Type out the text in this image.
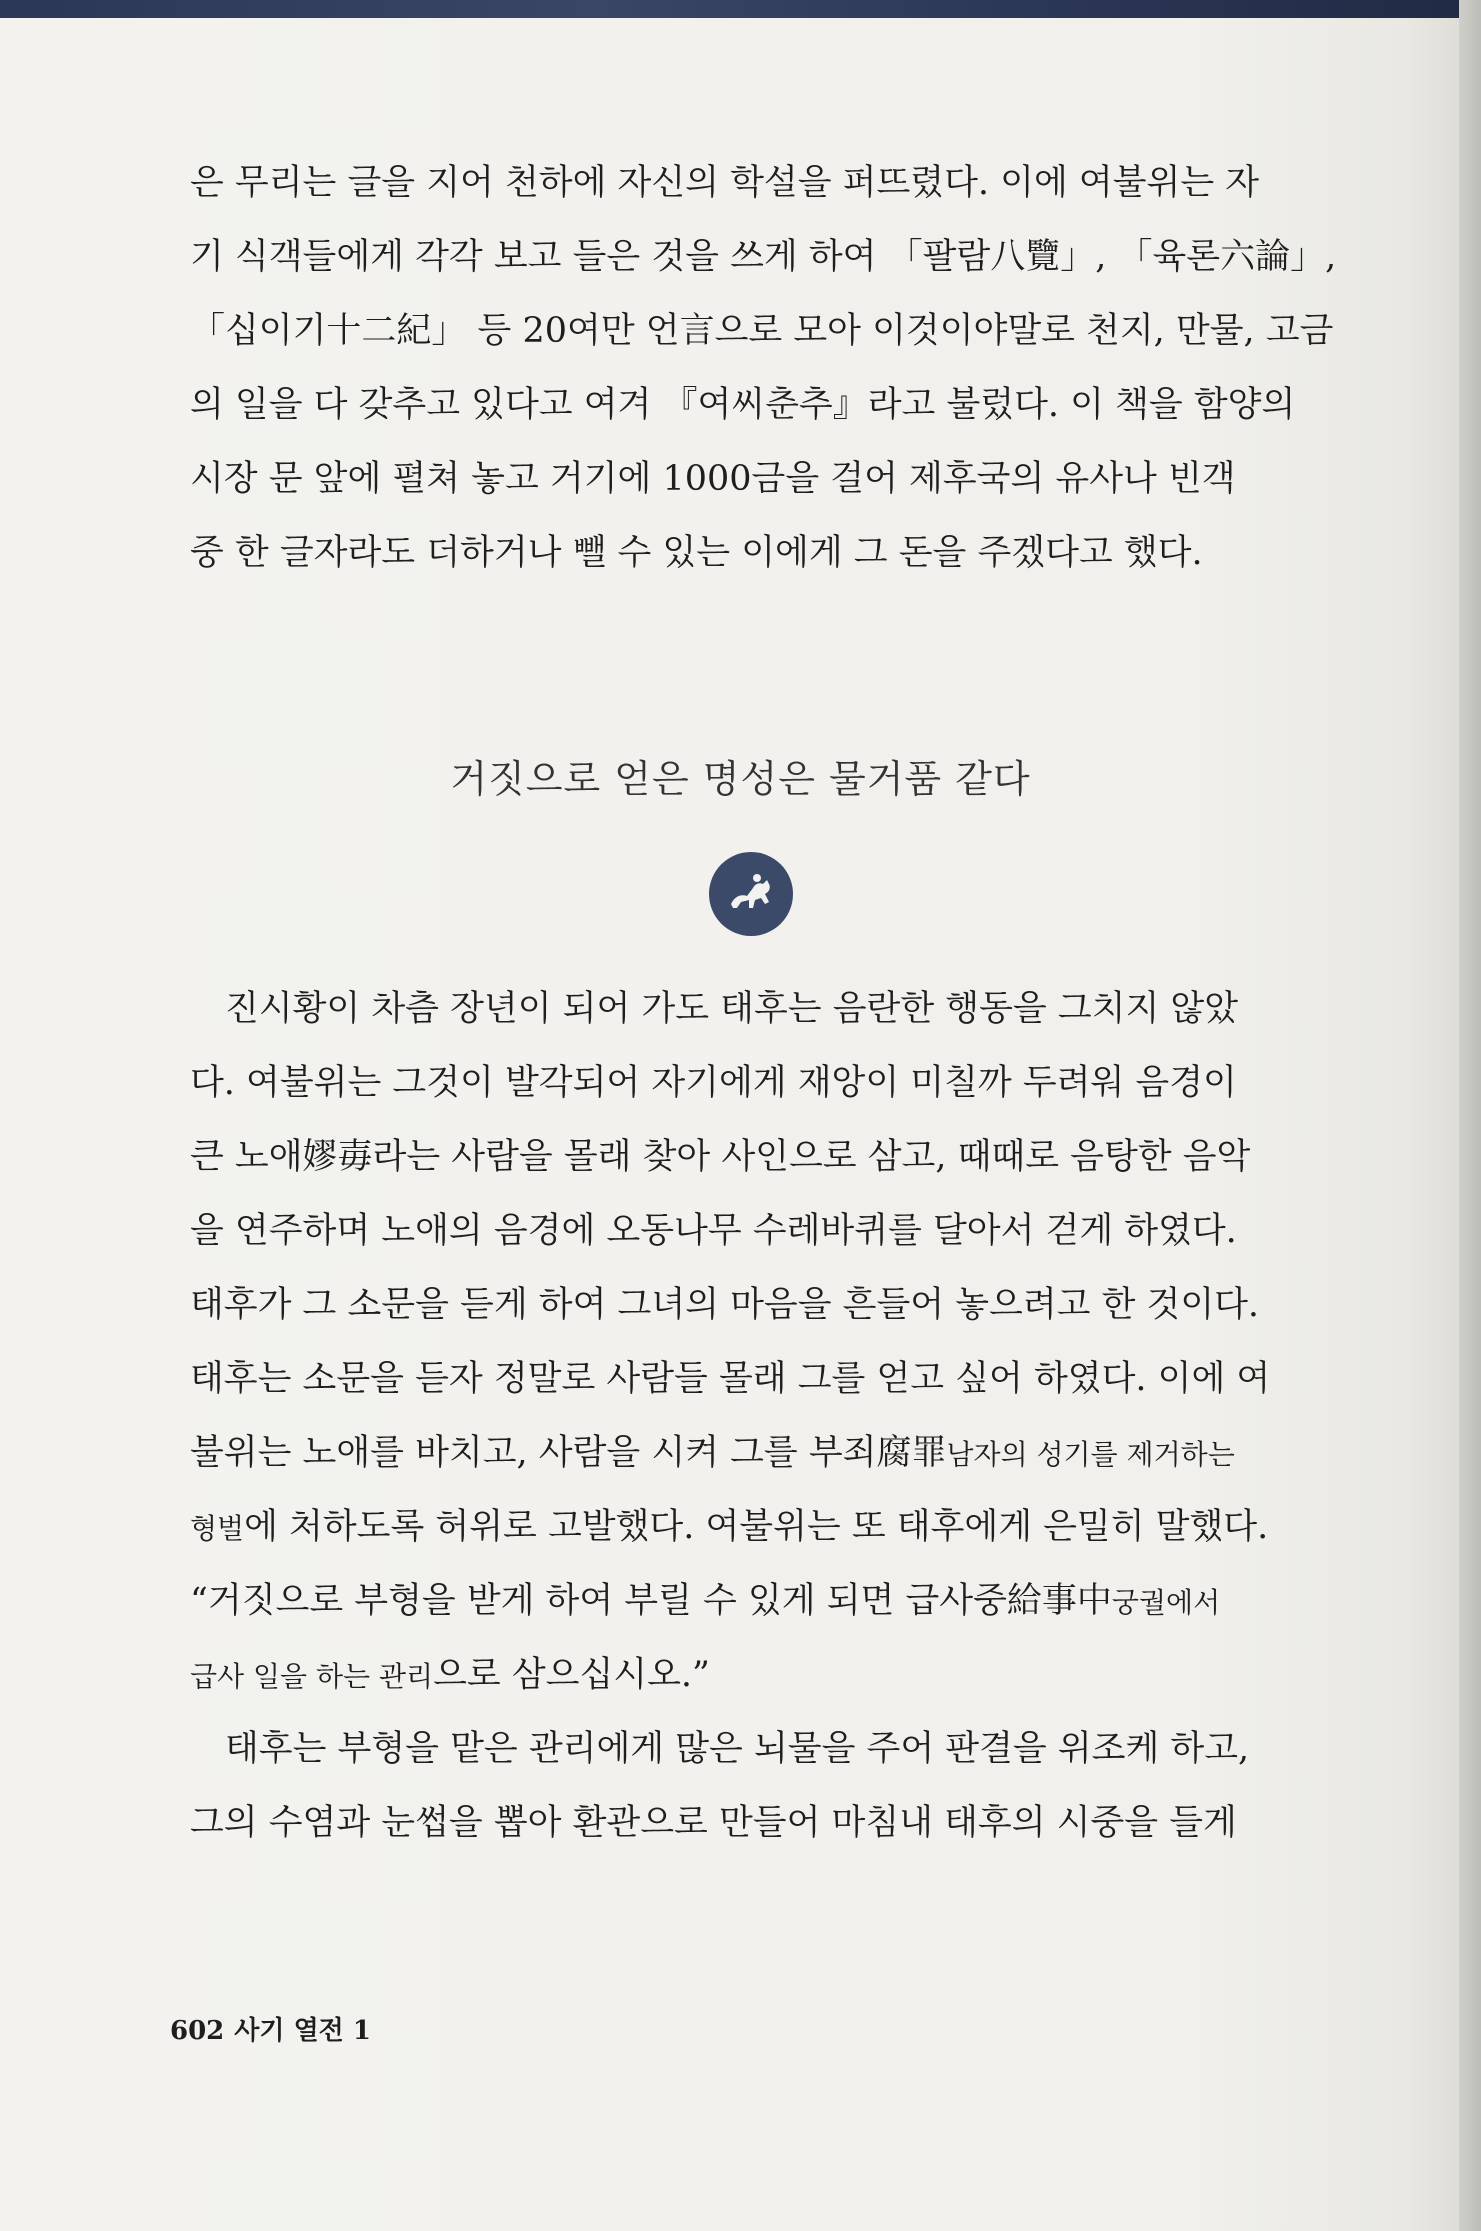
은 무리는 글을 지어 천하에 자신의 학설을 퍼뜨렸다. 이에 여불위는 자

기 식객들에게 각각 보고 들은 것을 쓰게 하여 「팔람八覽」, 「육론六論」,

「십이기十二紀」 등 20여만 언言으로 모아 이것이야말로 천지, 만물, 고금

의 일을 다 갖추고 있다고 여겨 『여씨춘추』라고 불렀다. 이 책을 함양의

시장 문 앞에 펼쳐 놓고 거기에 1000금을 걸어 제후국의 유사나 빈객

중 한 글자라도 더하거나 뺄 수 있는 이에게 그 돈을 주겠다고 했다.

거짓으로 얻은 명성은 물거품 같다

　진시황이 차츰 장년이 되어 가도 태후는 음란한 행동을 그치지 않았

다. 여불위는 그것이 발각되어 자기에게 재앙이 미칠까 두려워 음경이

큰 노애嫪毐라는 사람을 몰래 찾아 사인으로 삼고, 때때로 음탕한 음악

을 연주하며 노애의 음경에 오동나무 수레바퀴를 달아서 걷게 하였다.

태후가 그 소문을 듣게 하여 그녀의 마음을 흔들어 놓으려고 한 것이다.

태후는 소문을 듣자 정말로 사람들 몰래 그를 얻고 싶어 하였다. 이에 여

불위는 노애를 바치고, 사람을 시켜 그를 부죄腐罪남자의 성기를 제거하는

형벌에 처하도록 허위로 고발했다. 여불위는 또 태후에게 은밀히 말했다.

“거짓으로 부형을 받게 하여 부릴 수 있게 되면 급사중給事中궁궐에서

급사 일을 하는 관리으로 삼으십시오.”

　태후는 부형을 맡은 관리에게 많은 뇌물을 주어 판결을 위조케 하고,

그의 수염과 눈썹을 뽑아 환관으로 만들어 마침내 태후의 시중을 들게

602 사기 열전 1
